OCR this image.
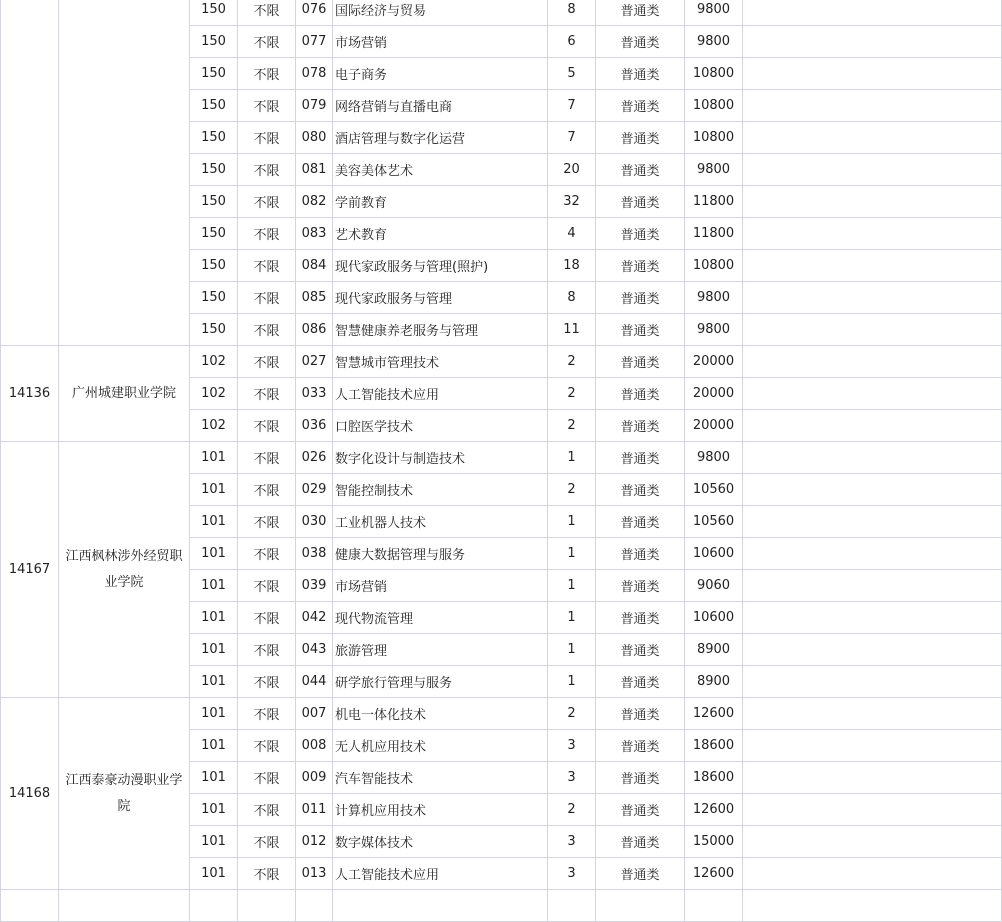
		150	不限	076	国际经济与贸易	8	普通类	9800	
		150	不限	077	市场营销	6	普通类	9800	
		150	不限	078	电子商务	5	普通类	10800	
		150	不限	079	网络营销与直播电商	7	普通类	10800	
		150	不限	080	酒店管理与数字化运营	7	普通类	10800	
		150	不限	081	美容美体艺术	20	普通类	9800	
		150	不限	082	学前教育	32	普通类	11800	
		150	不限	083	艺术教育	4	普通类	11800	
		150	不限	084	现代家政服务与管理(照护)	18	普通类	10800	
		150	不限	085	现代家政服务与管理	8	普通类	9800	
		150	不限	086	智慧健康养老服务与管理	11	普通类	9800	
14136	广州城建职业学院	102	不限	027	智慧城市管理技术	2	普通类	20000	
		102	不限	033	人工智能技术应用	2	普通类	20000	
		102	不限	036	口腔医学技术	2	普通类	20000	
14167	江西枫林涉外经贸职业学院	101	不限	026	数字化设计与制造技术	1	普通类	9800	
		101	不限	029	智能控制技术	2	普通类	10560	
		101	不限	030	工业机器人技术	1	普通类	10560	
		101	不限	038	健康大数据管理与服务	1	普通类	10600	
		101	不限	039	市场营销	1	普通类	9060	
		101	不限	042	现代物流管理	1	普通类	10600	
		101	不限	043	旅游管理	1	普通类	8900	
		101	不限	044	研学旅行管理与服务	1	普通类	8900	
14168	江西泰豪动漫职业学院	101	不限	007	机电一体化技术	2	普通类	12600	
		101	不限	008	无人机应用技术	3	普通类	18600	
		101	不限	009	汽车智能技术	3	普通类	18600	
		101	不限	011	计算机应用技术	2	普通类	12600	
		101	不限	012	数字媒体技术	3	普通类	15000	
		101	不限	013	人工智能技术应用	3	普通类	12600	
